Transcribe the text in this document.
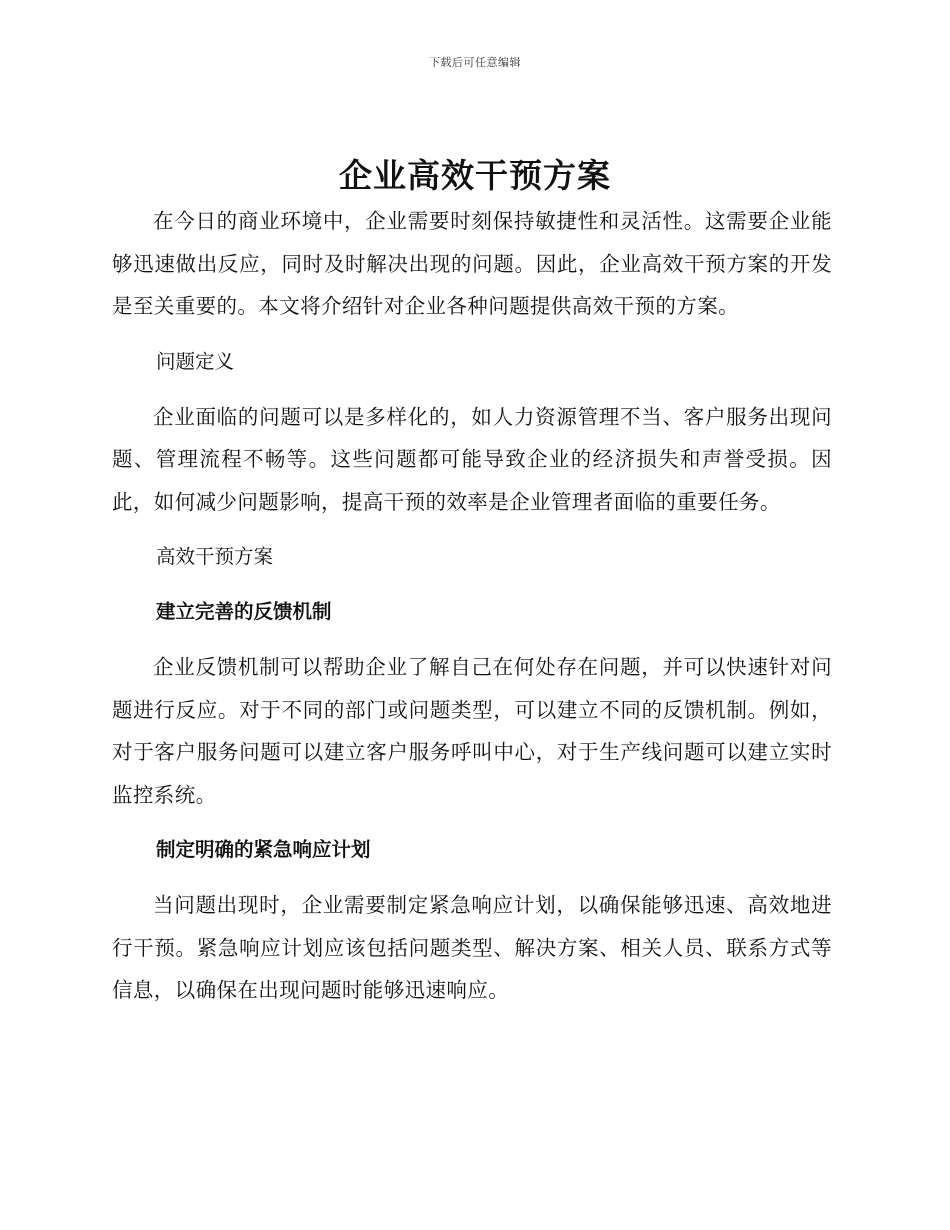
下载后可任意编辑
企业高效干预方案

在今日的商业环境中，企业需要时刻保持敏捷性和灵活性。这需要企业能够迅速做出反应，同时及时解决出现的问题。因此，企业高效干预方案的开发是至关重要的。本文将介绍针对企业各种问题提供高效干预的方案。

问题定义

企业面临的问题可以是多样化的，如人力资源管理不当、客户服务出现问题、管理流程不畅等。这些问题都可能导致企业的经济损失和声誉受损。因此，如何减少问题影响，提高干预的效率是企业管理者面临的重要任务。

高效干预方案
建立完善的反馈机制

企业反馈机制可以帮助企业了解自己在何处存在问题，并可以快速针对问题进行反应。对于不同的部门或问题类型，可以建立不同的反馈机制。例如，对于客户服务问题可以建立客户服务呼叫中心，对于生产线问题可以建立实时监控系统。

制定明确的紧急响应计划

当问题出现时，企业需要制定紧急响应计划，以确保能够迅速、高效地进行干预。紧急响应计划应该包括问题类型、解决方案、相关人员、联系方式等信息，以确保在出现问题时能够迅速响应。
